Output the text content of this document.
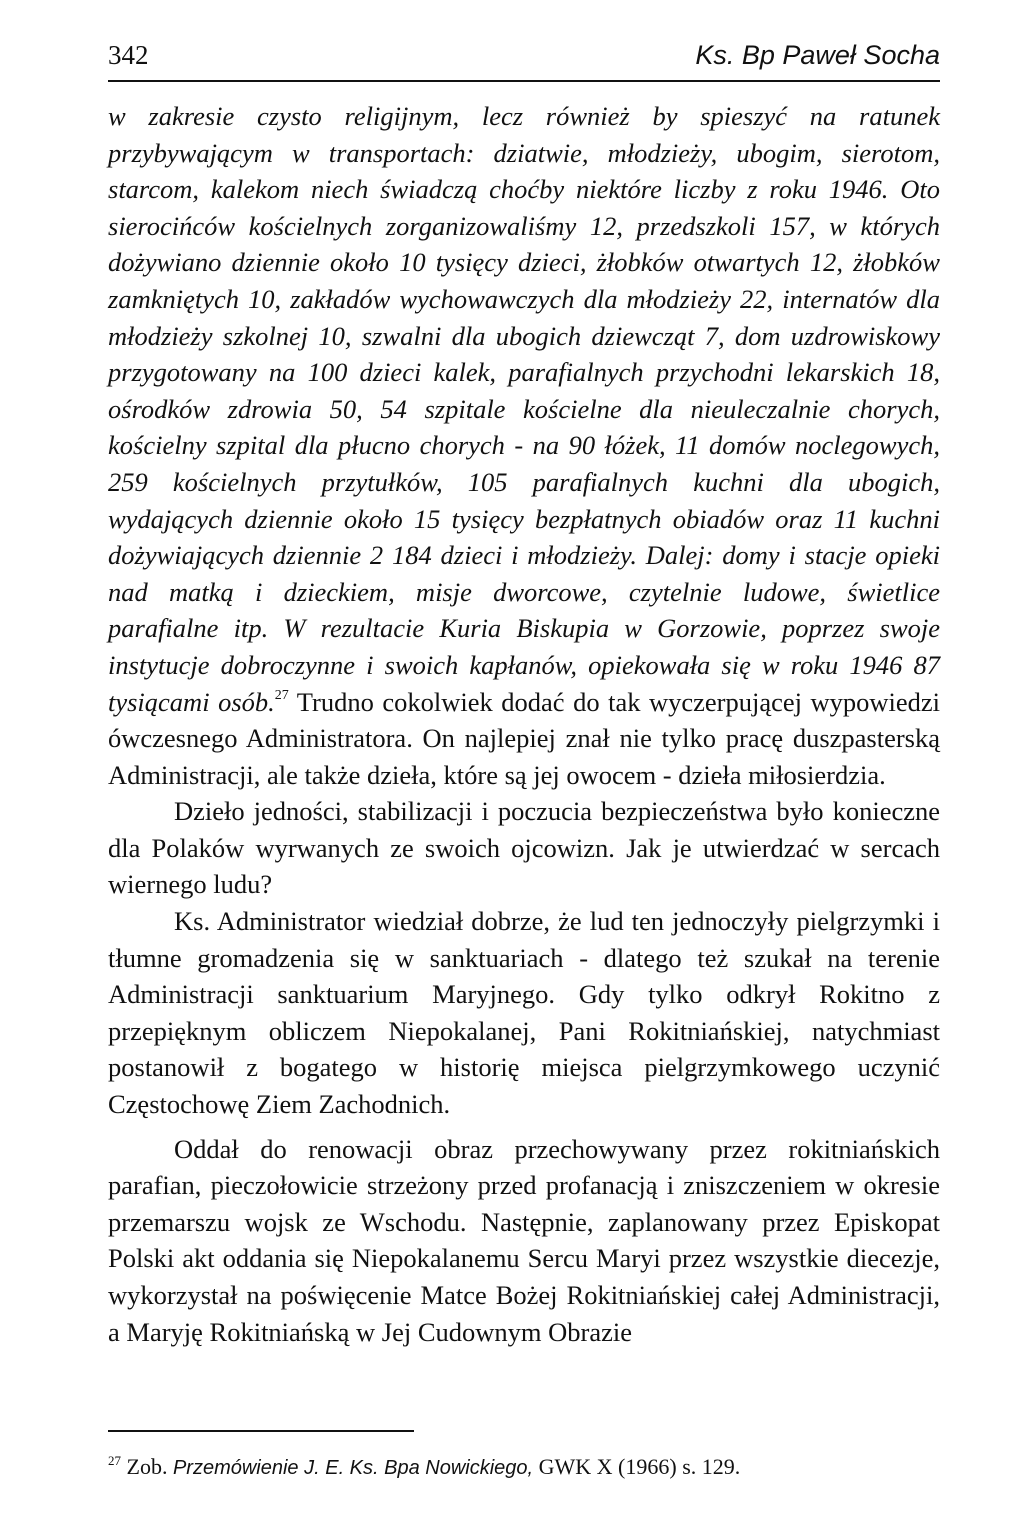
342	Ks. Bp Paweł Socha

w zakresie czysto religijnym, lecz również by spieszyć na ratunek przybywającym w transportach: dziatwie, młodzieży, ubogim, sierotom, starcom, kalekom niech świadczą choćby niektóre liczby z roku 1946. Oto sierocińców kościelnych zorganizowaliśmy 12, przedszkoli 157, w których dożywiano dziennie około 10 tysięcy dzieci, żłobków otwartych 12, żłobków zamkniętych 10, zakładów wychowawczych dla młodzieży 22, internatów dla młodzieży szkolnej 10, szwalni dla ubogich dziewcząt 7, dom uzdrowiskowy przygotowany na 100 dzieci kalek, parafialnych przychodni lekarskich 18, ośrodków zdrowia 50, 54 szpitale kościelne dla nieuleczalnie chorych, kościelny szpital dla płucno chorych - na 90 łóżek, 11 domów noclegowych, 259 kościelnych przytułków, 105 parafialnych kuchni dla ubogich, wydających dziennie około 15 tysięcy bezpłatnych obiadów oraz 11 kuchni dożywiających dziennie 2 184 dzieci i młodzieży. Dalej: domy i stacje opieki nad matką i dzieckiem, misje dworcowe, czytelnie ludowe, świetlice parafialne itp. W rezultacie Kuria Biskupia w Gorzowie, poprzez swoje instytucje dobroczynne i swoich kapłanów, opiekowała się w roku 1946 87 tysiącami osób.$^{27}$ Trudno cokolwiek dodać do tak wyczerpującej wypowiedzi ówczesnego Administratora. On najlepiej znał nie tylko pracę duszpasterską Administracji, ale także dzieła, które są jej owocem - dzieła miłosierdzia.

Dzieło jedności, stabilizacji i poczucia bezpieczeństwa było konieczne dla Polaków wyrwanych ze swoich ojcowizn. Jak je utwierdzać w sercach wiernego ludu?

Ks. Administrator wiedział dobrze, że lud ten jednoczyły pielgrzymki i tłumne gromadzenia się w sanktuariach - dlatego też szukał na terenie Administracji sanktuarium Maryjnego. Gdy tylko odkrył Rokitno z przepięknym obliczem Niepokalanej, Pani Rokitniańskiej, natychmiast postanowił z bogatego w historię miejsca pielgrzymkowego uczynić Częstochowę Ziem Zachodnich.

Oddał do renowacji obraz przechowywany przez rokitniańskich parafian, pieczołowicie strzeżony przed profanacją i zniszczeniem w okresie przemarszu wojsk ze Wschodu. Następnie, zaplanowany przez Episkopat Polski akt oddania się Niepokalanemu Sercu Maryi przez wszystkie diecezje, wykorzystał na poświęcenie Matce Bożej Rokitniańskiej całej Administracji, a Maryję Rokitniańską w Jej Cudownym Obrazie

$^{27}$ Zob. Przemówienie J. E. Ks. Bpa Nowickiego, GWK X (1966) s. 129.
